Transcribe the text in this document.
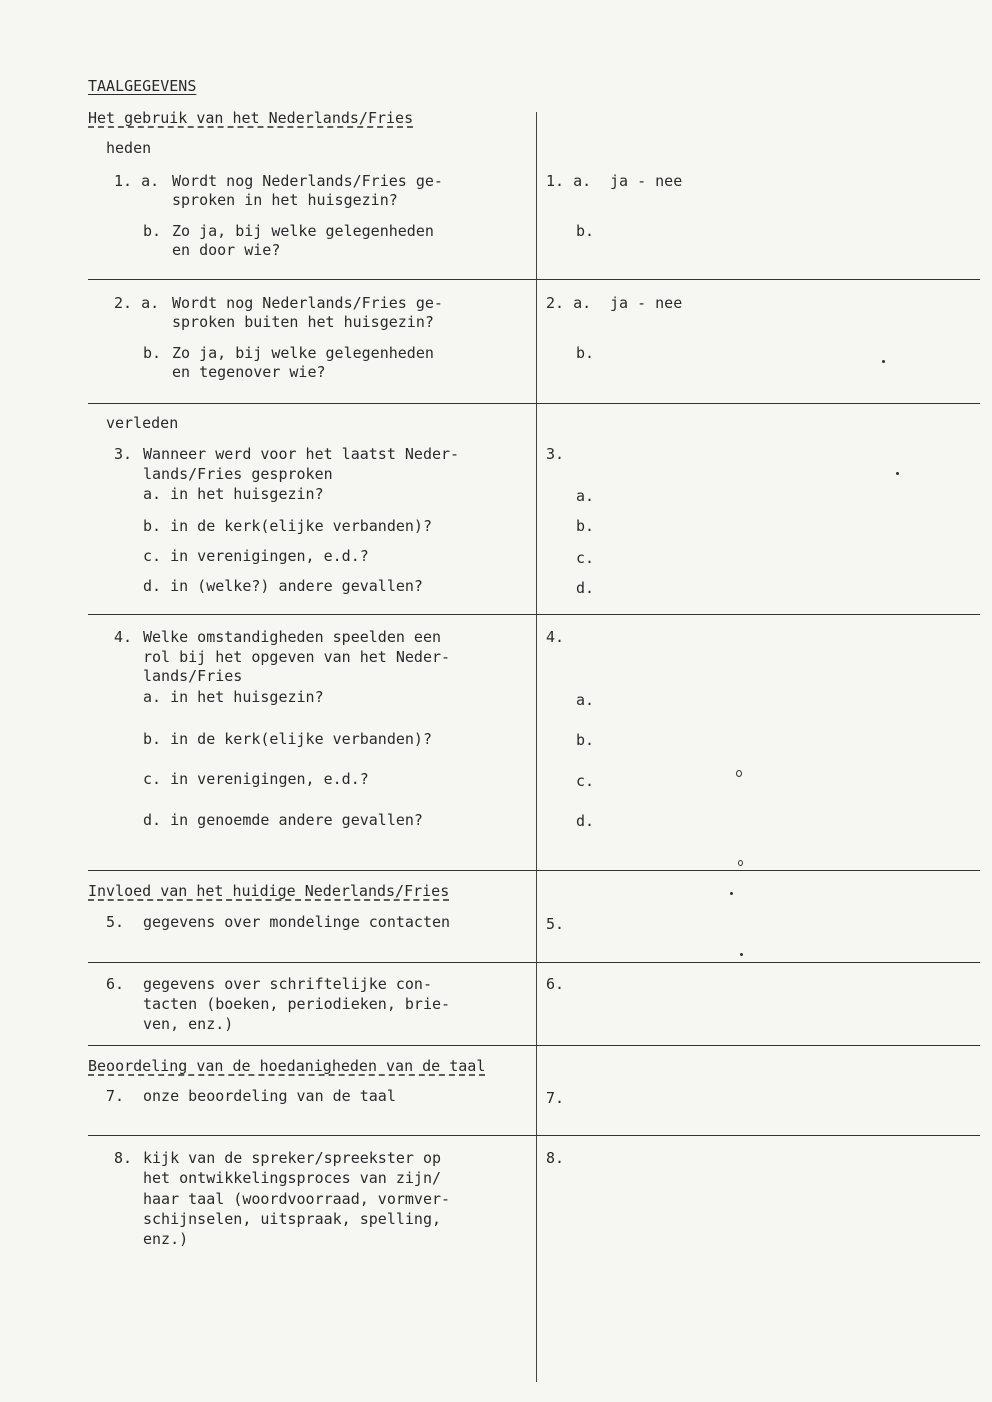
TAALGEGEVENS
Het gebruik van het Nederlands/Fries
heden
1. a. Wordt nog Nederlands/Fries ge-
sproken in het huisgezin?
b. Zo ja, bij welke gelegenheden
en door wie?
1. a. ja - nee
b.
2. a. Wordt nog Nederlands/Fries ge-
sproken buiten het huisgezin?
b. Zo ja, bij welke gelegenheden
en tegenover wie?
2. a. ja - nee
b.
verleden
3. Wanneer werd voor het laatst Neder-
lands/Fries gesproken
a. in het huisgezin?
b. in de kerk(elijke verbanden)?
c. in verenigingen, e.d.?
d. in (welke?) andere gevallen?
3.
a.
b.
c.
d.
4. Welke omstandigheden speelden een
rol bij het opgeven van het Neder-
lands/Fries
a. in het huisgezin?
b. in de kerk(elijke verbanden)?
c. in verenigingen, e.d.?
d. in genoemde andere gevallen?
4.
a.
b.
c.
d.
Invloed van het huidige Nederlands/Fries
5. gegevens over mondelinge contacten	5.
6. gegevens over schriftelijke con-
tacten (boeken, periodieken, brie-
ven, enz.)
6.
Beoordeling van de hoedanigheden van de taal
7. onze beoordeling van de taal	7.
8. kijk van de spreker/spreekster op
het ontwikkelingsproces van zijn/
haar taal (woordvoorraad, vormver-
schijnselen, uitspraak, spelling,
enz.)
8.
